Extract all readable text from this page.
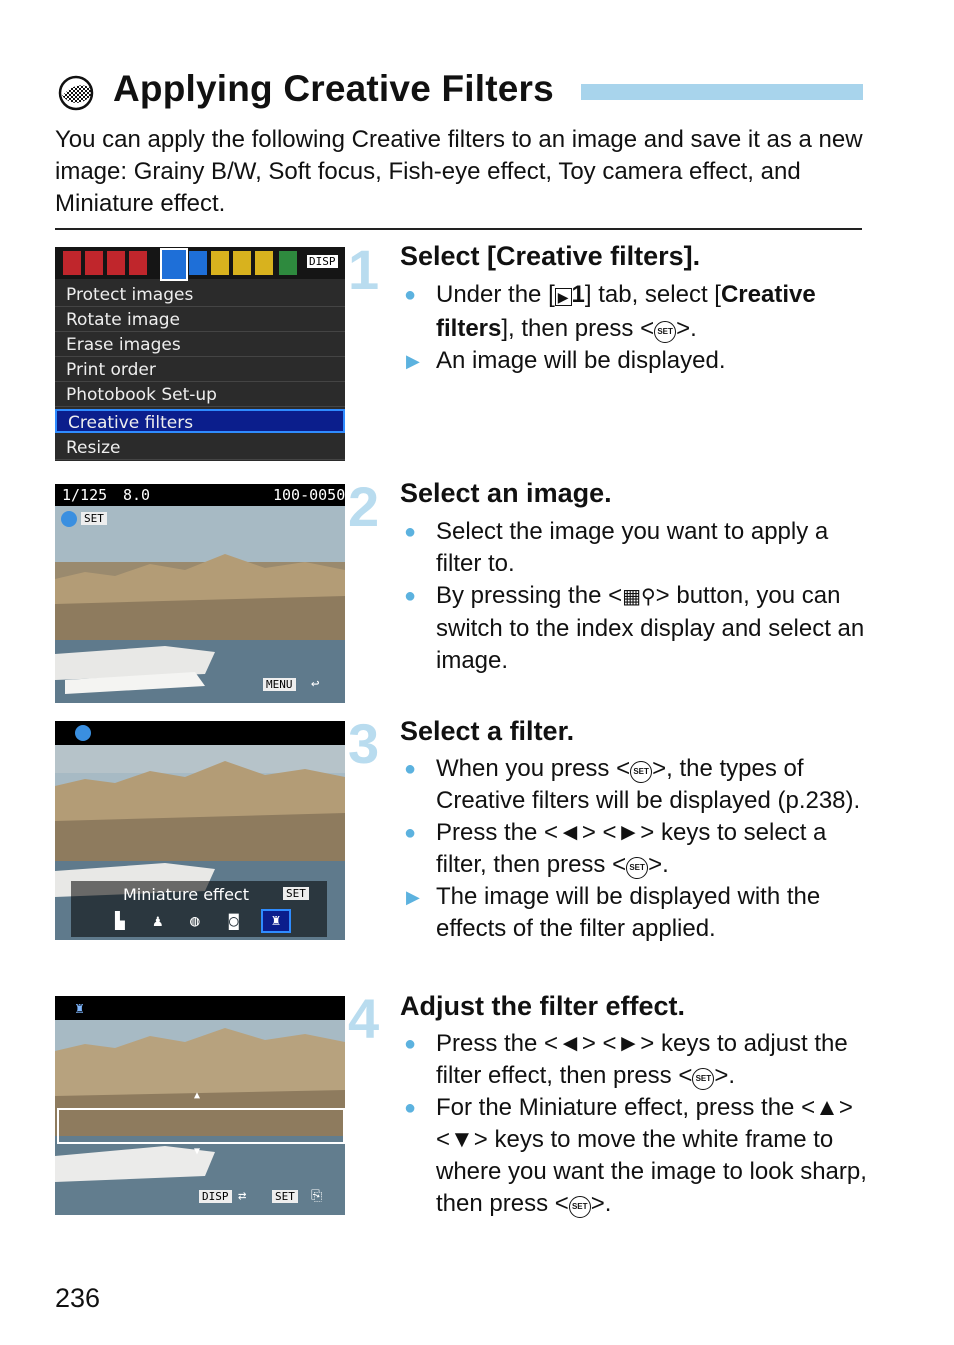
Applying Creative Filters
You can apply the following Creative filters to an image and save it as a new image: Grainy B/W, Soft focus, Fish-eye effect, Toy camera effect, and Miniature effect.
DISP
Protect images
Rotate image
Erase images
Print order
Photobook Set-up
Creative filters
Resize
1 Select [Creative filters].
● Under the [ ▶ 1] tab, select [Creative filters], then press < SET >.
▶ An image will be displayed.
1/125 8.0	100-0050
SET
MENU ↩
2 Select an image.
● Select the image you want to apply a filter to.
● By pressing the <▦⚲> button, you can switch to the index display and select an image.
Miniature effect	SET
▙ ♟ ◍ ◙	♜
3 Select a filter.
● When you press < SET >, the types of Creative filters will be displayed (p.238).
● Press the <◄> <►> keys to select a filter, then press < SET >.
▶ The image will be displayed with the effects of the filter applied.
♜
▲
▼
DISP ⇄	SET ⎘
4 Adjust the filter effect.
● Press the <◄> <►> keys to adjust the filter effect, then press < SET >.
● For the Miniature effect, press the <▲> <▼> keys to move the white frame to where you want the image to look sharp, then press < SET >.
236
